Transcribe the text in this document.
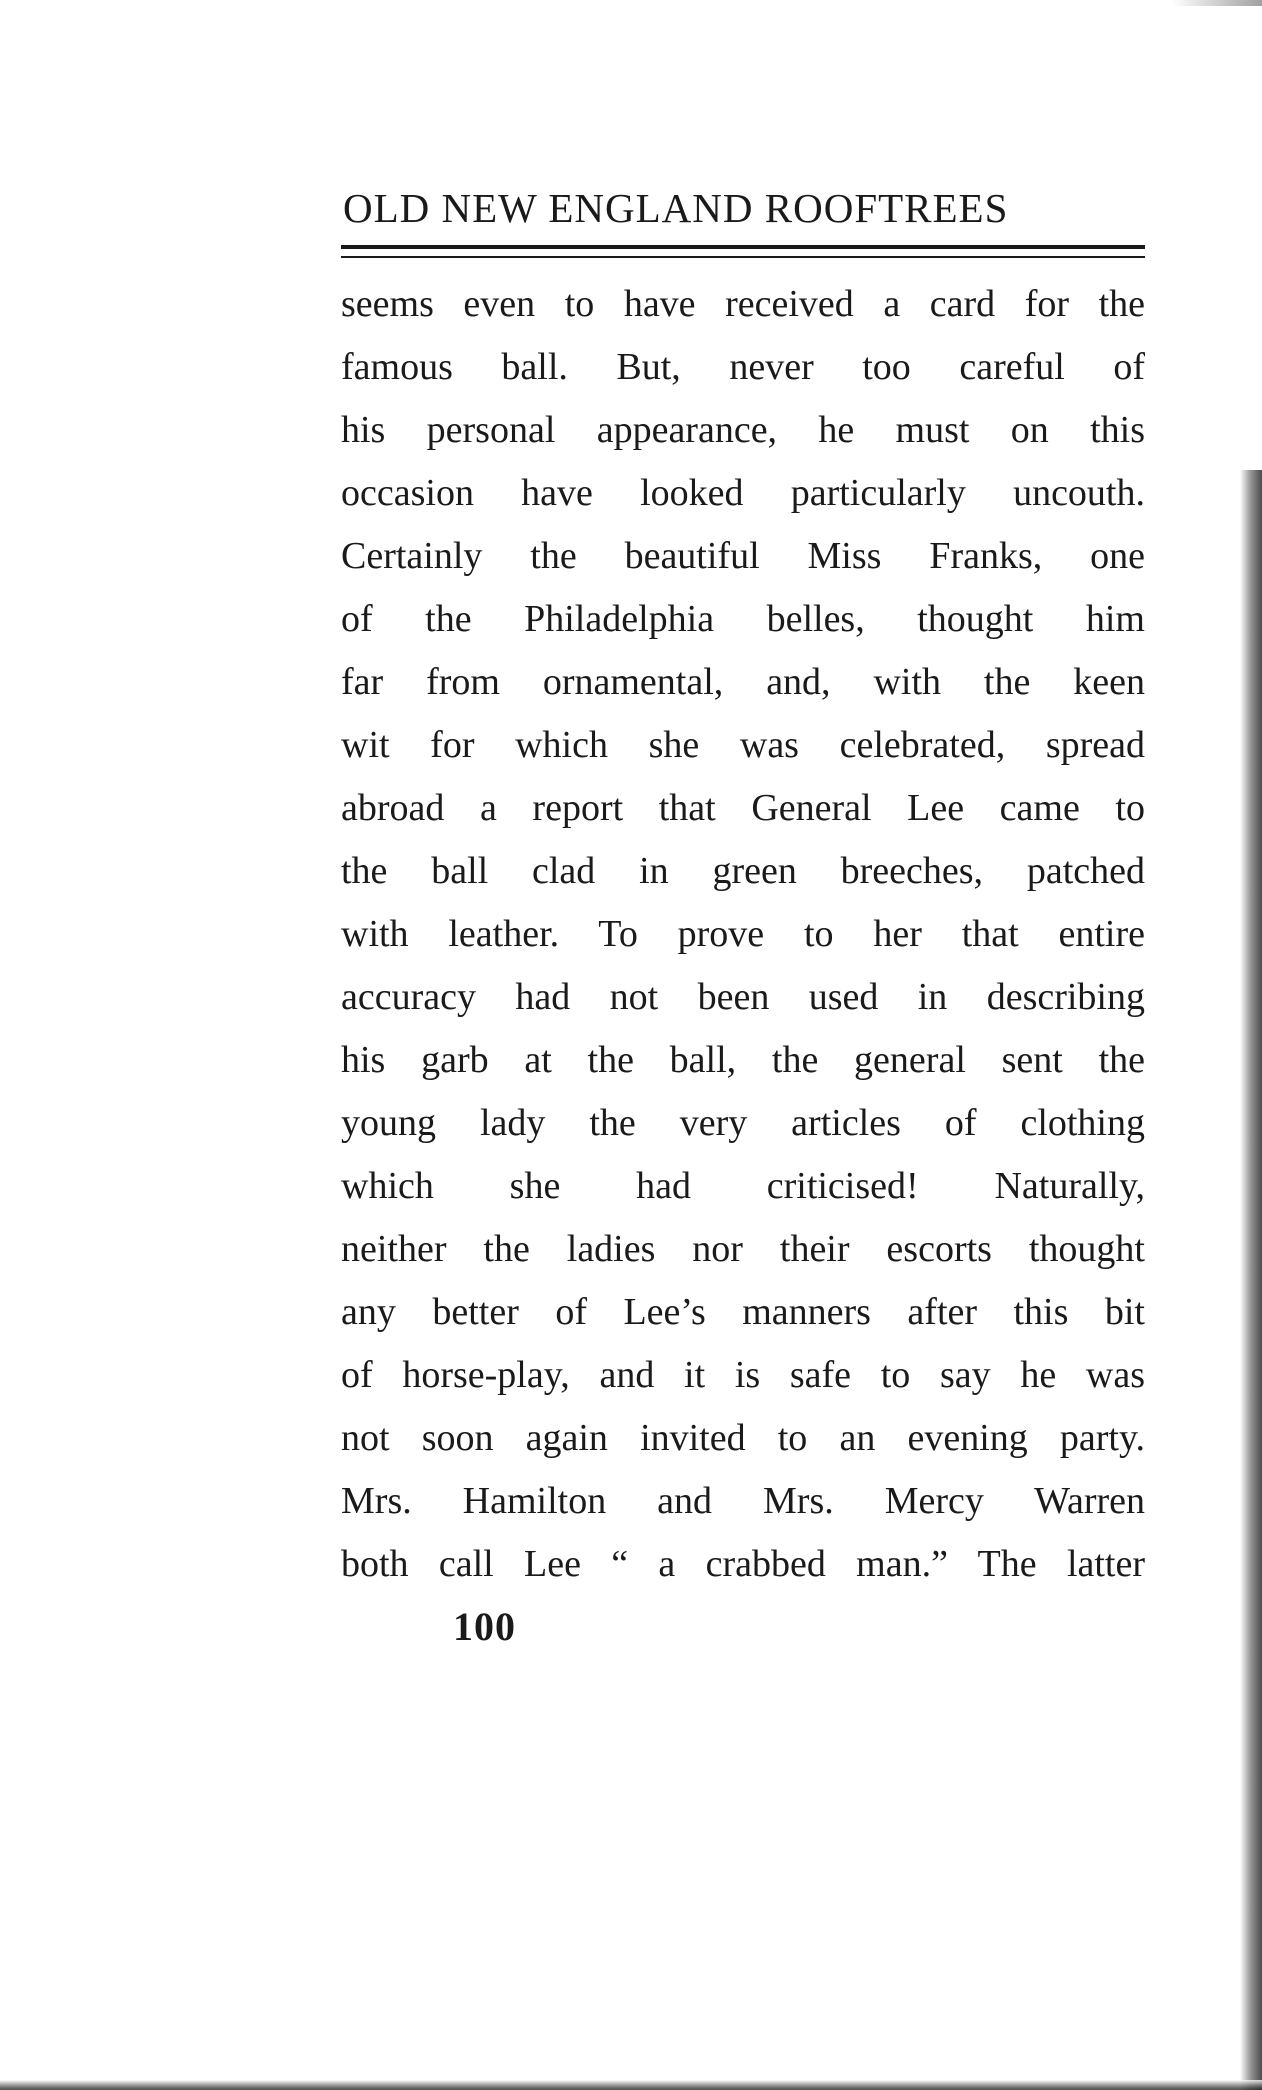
OLD NEW ENGLAND ROOFTREES
seems even to have received a card for the
famous ball. But, never too careful of
his personal appearance, he must on this
occasion have looked particularly uncouth.
Certainly the beautiful Miss Franks, one
of the Philadelphia belles, thought him
far from ornamental, and, with the keen
wit for which she was celebrated, spread
abroad a report that General Lee came to
the ball clad in green breeches, patched
with leather. To prove to her that entire
accuracy had not been used in describing
his garb at the ball, the general sent the
young lady the very articles of clothing
which she had criticised! Naturally,
neither the ladies nor their escorts thought
any better of Lee’s manners after this bit
of horse-play, and it is safe to say he was
not soon again invited to an evening party.
Mrs. Hamilton and Mrs. Mercy Warren
both call Lee “ a crabbed man.” The latter
100
